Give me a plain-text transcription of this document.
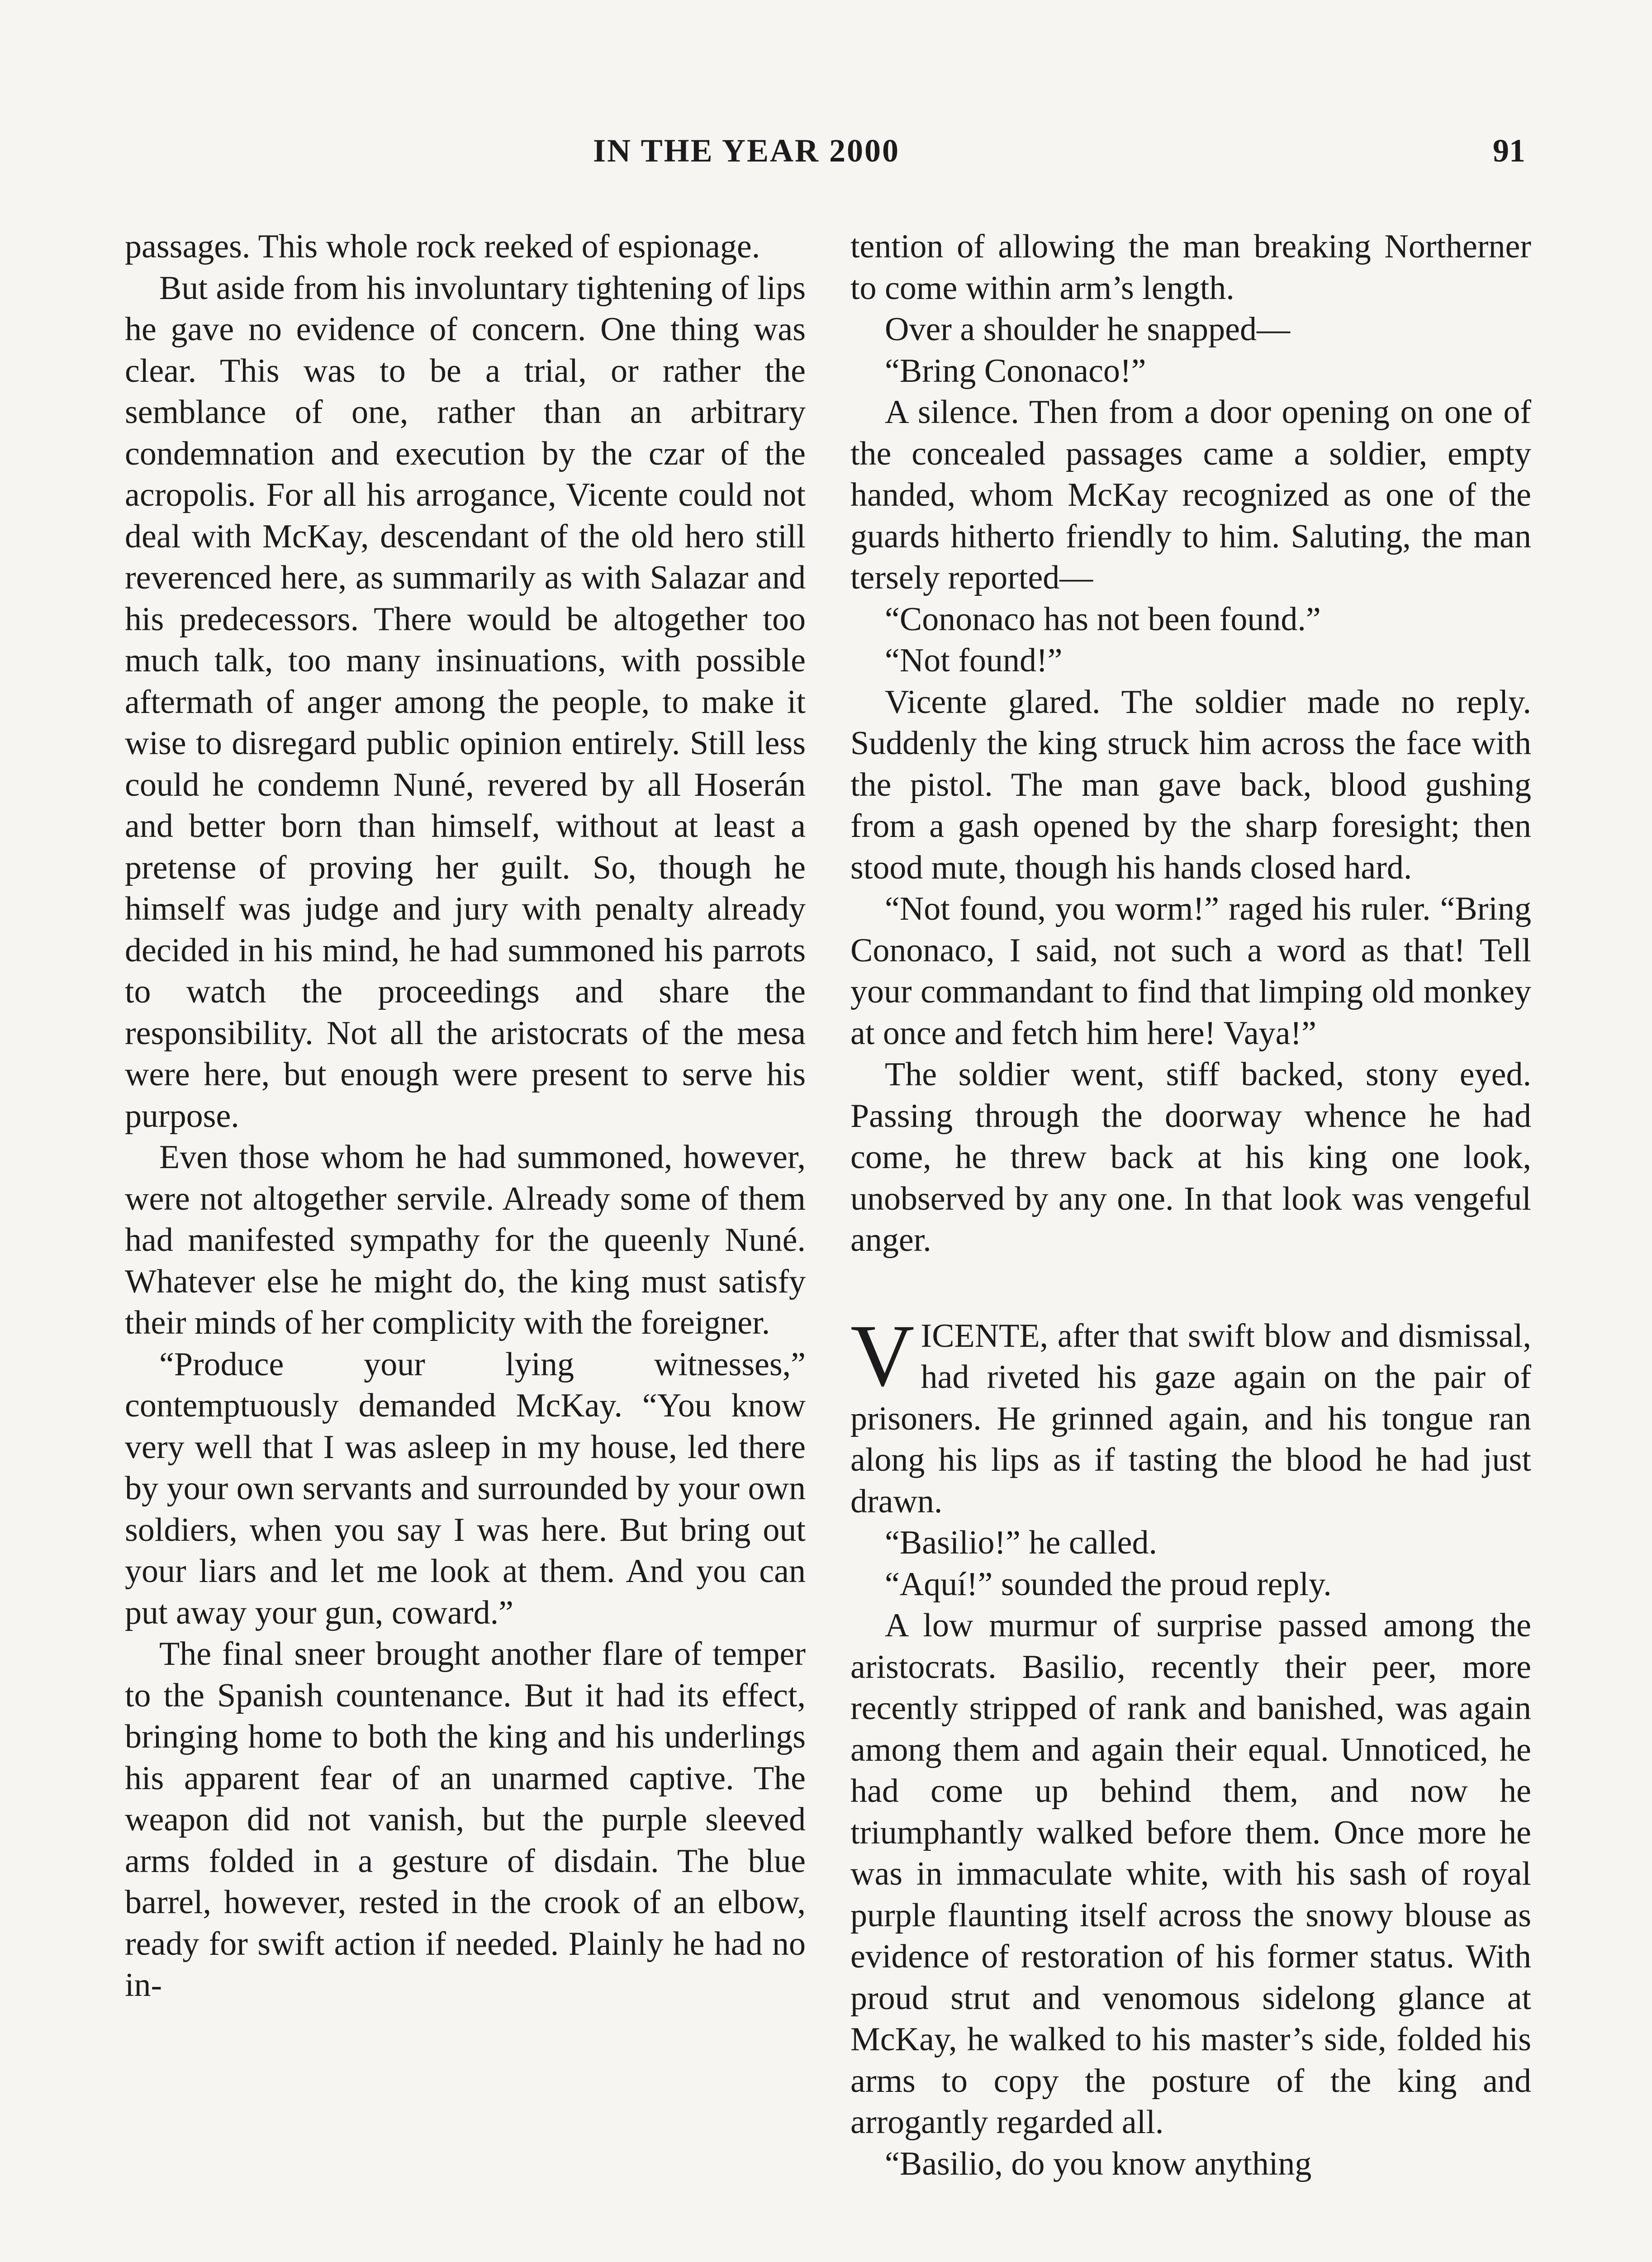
IN THE YEAR 2000	91

passages. This whole rock reeked of espionage.

But aside from his involuntary tightening of lips he gave no evidence of concern. One thing was clear. This was to be a trial, or rather the semblance of one, rather than an arbitrary condemnation and execution by the czar of the acropolis. For all his arrogance, Vicente could not deal with McKay, descendant of the old hero still reverenced here, as summarily as with Salazar and his predecessors. There would be altogether too much talk, too many insinuations, with possible aftermath of anger among the people, to make it wise to disregard public opinion entirely. Still less could he condemn Nuné, revered by all Hoserán and better born than himself, without at least a pretense of proving her guilt. So, though he himself was judge and jury with penalty already decided in his mind, he had summoned his parrots to watch the proceedings and share the responsibility. Not all the aristocrats of the mesa were here, but enough were present to serve his purpose.

Even those whom he had summoned, however, were not altogether servile. Already some of them had manifested sympathy for the queenly Nuné. Whatever else he might do, the king must satisfy their minds of her complicity with the foreigner.

“Produce your lying witnesses,” contemptuously demanded McKay. “You know very well that I was asleep in my house, led there by your own servants and surrounded by your own soldiers, when you say I was here. But bring out your liars and let me look at them. And you can put away your gun, coward.”

The final sneer brought another flare of temper to the Spanish countenance. But it had its effect, bringing home to both the king and his underlings his apparent fear of an unarmed captive. The weapon did not vanish, but the purple sleeved arms folded in a gesture of disdain. The blue barrel, however, rested in the crook of an elbow, ready for swift action if needed. Plainly he had no in-

tention of allowing the man breaking Northerner to come within arm’s length.

Over a shoulder he snapped—

“Bring Cononaco!”

A silence. Then from a door opening on one of the concealed passages came a soldier, empty handed, whom McKay recognized as one of the guards hitherto friendly to him. Saluting, the man tersely reported—

“Cononaco has not been found.”

“Not found!”

Vicente glared. The soldier made no reply. Suddenly the king struck him across the face with the pistol. The man gave back, blood gushing from a gash opened by the sharp foresight; then stood mute, though his hands closed hard.

“Not found, you worm!” raged his ruler. “Bring Cononaco, I said, not such a word as that! Tell your commandant to find that limping old monkey at once and fetch him here! Vaya!”

The soldier went, stiff backed, stony eyed. Passing through the doorway whence he had come, he threw back at his king one look, unobserved by any one. In that look was vengeful anger.

VICENTE, after that swift blow and dismissal, had riveted his gaze again on the pair of prisoners. He grinned again, and his tongue ran along his lips as if tasting the blood he had just drawn.

“Basilio!” he called.

“Aquí!” sounded the proud reply.

A low murmur of surprise passed among the aristocrats. Basilio, recently their peer, more recently stripped of rank and banished, was again among them and again their equal. Unnoticed, he had come up behind them, and now he triumphantly walked before them. Once more he was in immaculate white, with his sash of royal purple flaunting itself across the snowy blouse as evidence of restoration of his former status. With proud strut and venomous sidelong glance at McKay, he walked to his master’s side, folded his arms to copy the posture of the king and arrogantly regarded all.

“Basilio, do you know anything
